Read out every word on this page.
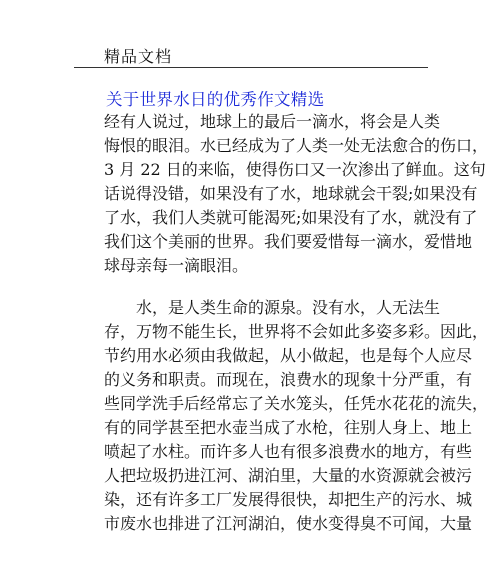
精品文档
关于世界水日的优秀作文精选
经有人说过，地球上的最后一滴水，将会是人类
悔恨的眼泪。水已经成为了人类一处无法愈合的伤口，
3 月 22 日的来临，使得伤口又一次渗出了鲜血。这句
话说得没错，如果没有了水，地球就会干裂;如果没有
了水，我们人类就可能渴死;如果没有了水，就没有了
我们这个美丽的世界。我们要爱惜每一滴水，爱惜地
球母亲每一滴眼泪。
水，是人类生命的源泉。没有水，人无法生
存，万物不能生长，世界将不会如此多姿多彩。因此，
节约用水必须由我做起，从小做起，也是每个人应尽
的义务和职责。而现在，浪费水的现象十分严重，有
些同学洗手后经常忘了关水笼头，任凭水花花的流失，
有的同学甚至把水壶当成了水枪，往别人身上、地上
喷起了水柱。而许多人也有很多浪费水的地方，有些
人把垃圾扔进江河、湖泊里，大量的水资源就会被污
染，还有许多工厂发展得很快，却把生产的污水、城
市废水也排进了江河湖泊，使水变得臭不可闻，大量
